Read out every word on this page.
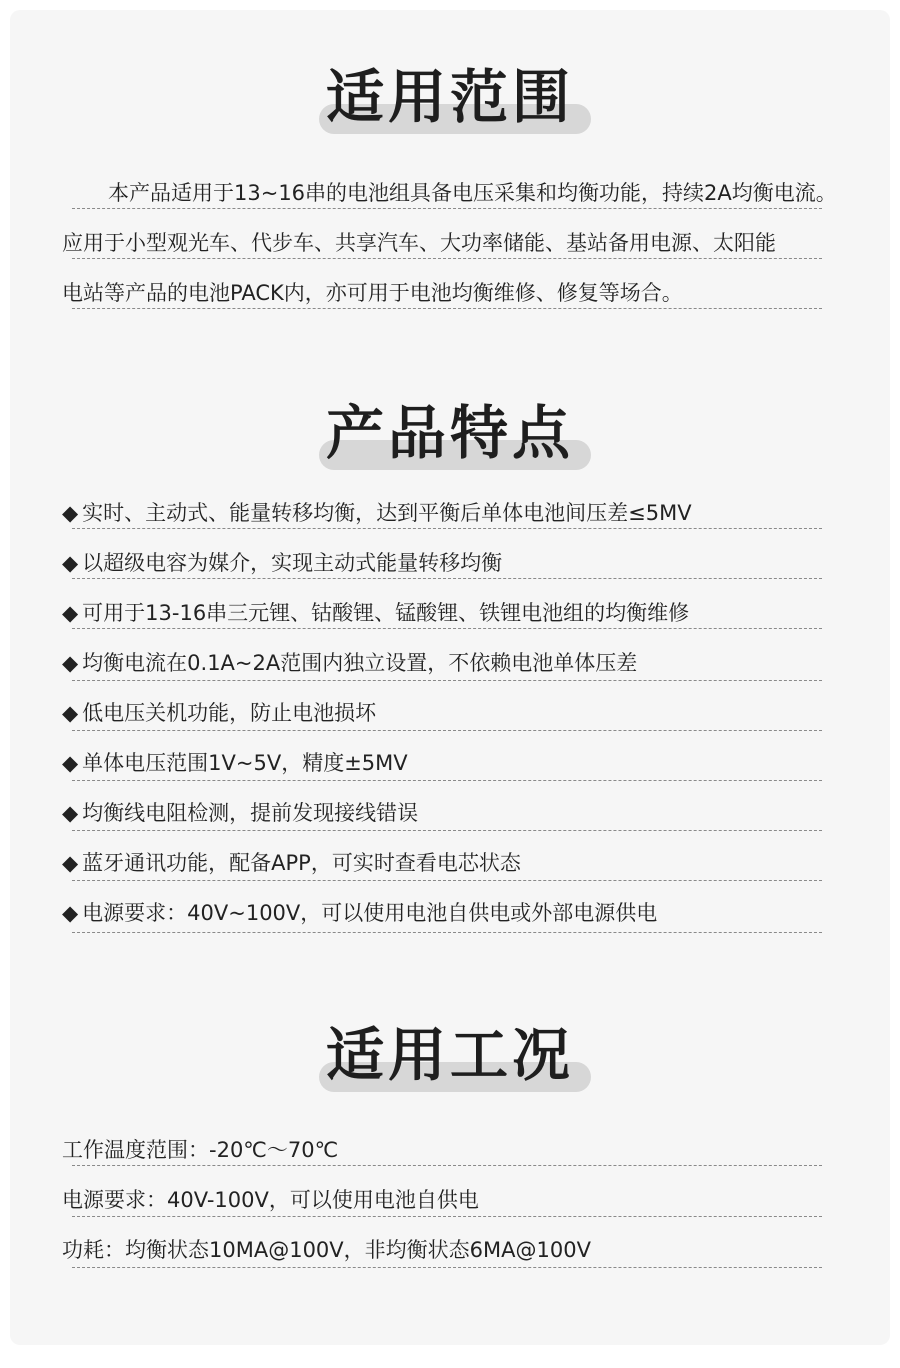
适用范围
本产品适用于13~16串的电池组具备电压采集和均衡功能，持续2A均衡电流。
应用于小型观光车、代步车、共享汽车、大功率储能、基站备用电源、太阳能
电站等产品的电池PACK内，亦可用于电池均衡维修、修复等场合。
产品特点
◆ 实时、主动式、能量转移均衡，达到平衡后单体电池间压差≤5MV
◆ 以超级电容为媒介，实现主动式能量转移均衡
◆ 可用于13-16串三元锂、钴酸锂、锰酸锂、铁锂电池组的均衡维修
◆ 均衡电流在0.1A~2A范围内独立设置，不依赖电池单体压差
◆ 低电压关机功能，防止电池损坏
◆ 单体电压范围1V~5V，精度±5MV
◆ 均衡线电阻检测，提前发现接线错误
◆ 蓝牙通讯功能，配备APP，可实时查看电芯状态
◆ 电源要求：40V~100V，可以使用电池自供电或外部电源供电
适用工况
工作温度范围：-20℃～70℃
电源要求：40V-100V，可以使用电池自供电
功耗：均衡状态10MA@100V，非均衡状态6MA@100V
